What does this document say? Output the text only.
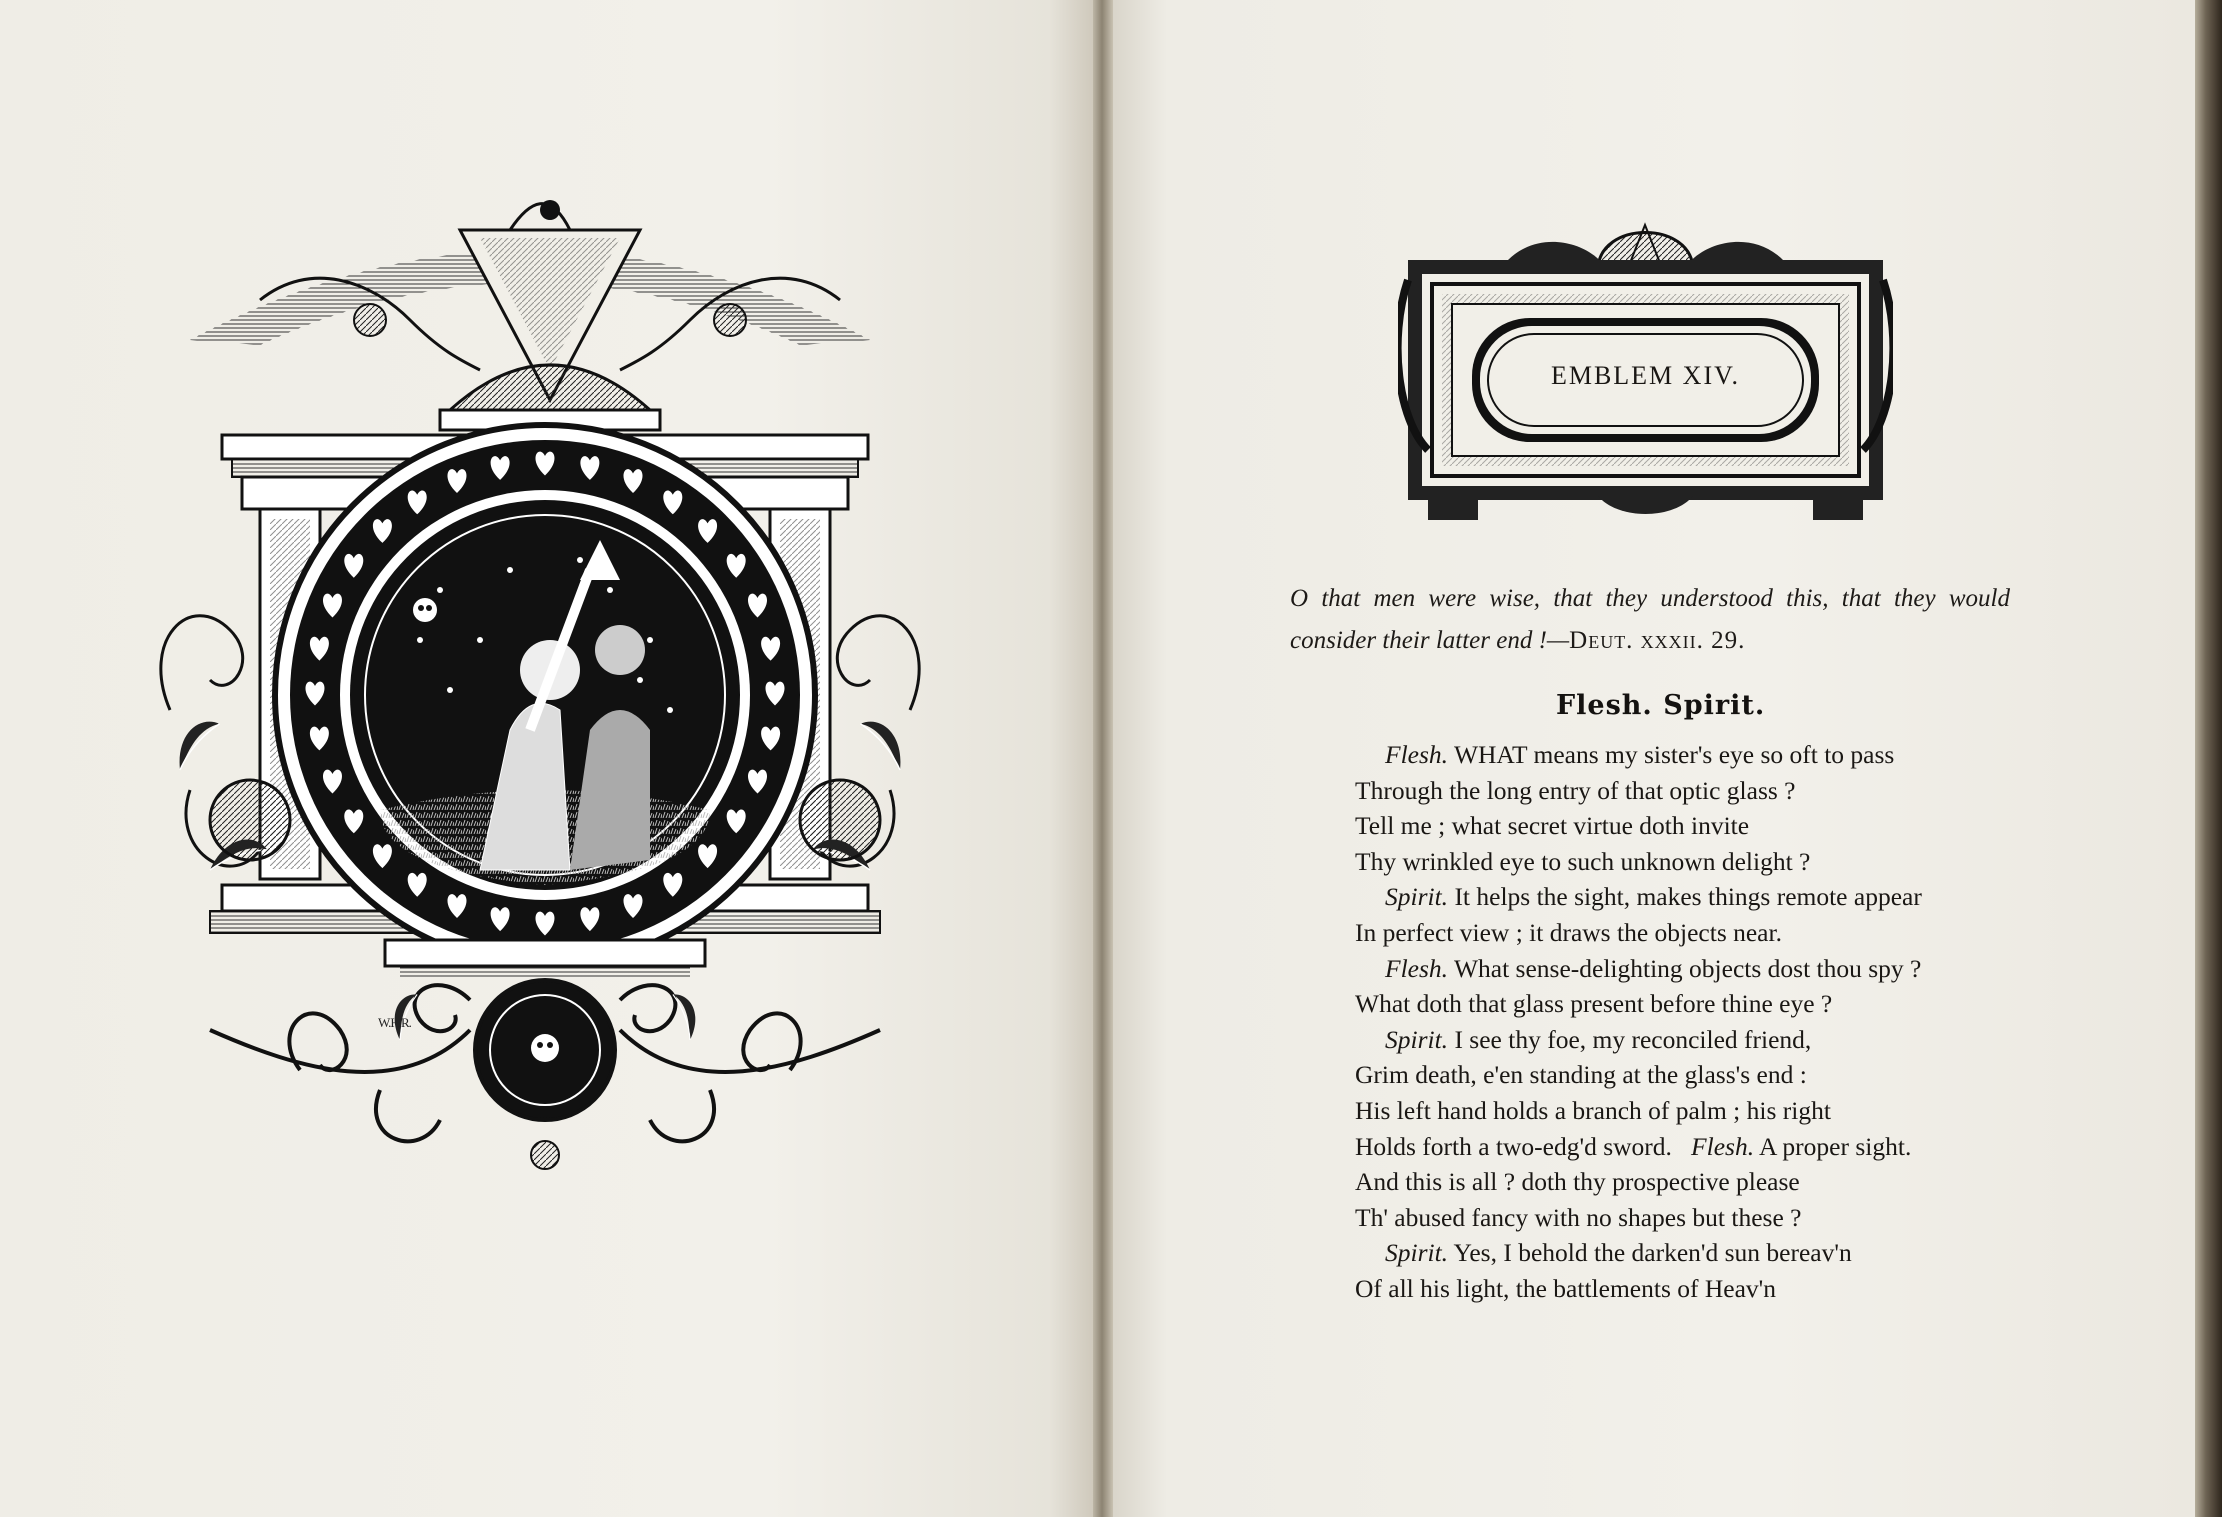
W.H.R.
EMBLEM XIV.
O that men were wise, that they understood this, that they would consider their latter end !—Deut. xxxii. 29.
Flesh. Spirit.
Flesh. WHAT means my sister's eye so oft to pass
Through the long entry of that optic glass ?
Tell me ; what secret virtue doth invite
Thy wrinkled eye to such unknown delight ?
Spirit. It helps the sight, makes things remote appear
In perfect view ; it draws the objects near.
Flesh. What sense-delighting objects dost thou spy ?
What doth that glass present before thine eye ?
Spirit. I see thy foe, my reconciled friend,
Grim death, e'en standing at the glass's end :
His left hand holds a branch of palm ; his right
Holds forth a two-edg'd sword. Flesh. A proper sight.
And this is all ? doth thy prospective please
Th' abused fancy with no shapes but these ?
Spirit. Yes, I behold the darken'd sun bereav'n
Of all his light, the battlements of Heav'n
